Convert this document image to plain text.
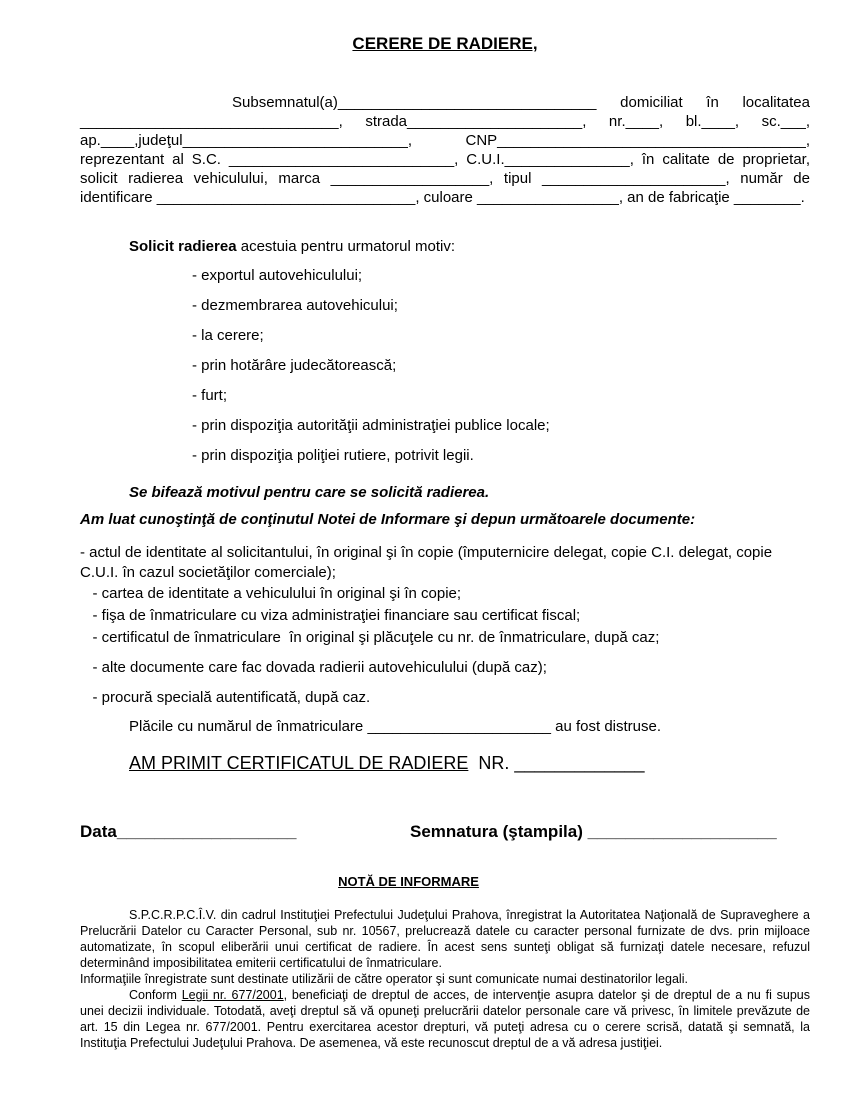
CERERE DE RADIERE,

Subsemnatul(a)_______________________________ domiciliat în localitatea _______________________________, strada_____________________, nr.____, bl.____, sc.___, ap.____,judeţul___________________________, CNP_____________________________________, reprezentant al S.C. ___________________________, C.U.I._______________, în calitate de proprietar, solicit radierea vehiculului, marca ___________________, tipul ______________________, număr de identificare _______________________________, culoare _________________, an de fabricaţie ________.

Solicit radierea acestuia pentru urmatorul motiv:
- exportul autovehiculului;
- dezmembrarea autovehicului;
- la cerere;
- prin hotărâre judecătorească;
- furt;
- prin dispoziţia autorităţii administraţiei publice locale;
- prin dispoziţia poliţiei rutiere, potrivit legii.
Se bifează motivul pentru care se solicită radierea.
Am luat cunoştinţă de conţinutul Notei de Informare şi depun următoarele documente:
- actul de identitate al solicitantului, în original şi în copie (împuternicire delegat, copie C.I. delegat, copie C.U.I. în cazul societăţilor comerciale);
- cartea de identitate a vehiculului în original şi în copie;
- fişa de înmatriculare cu viza administraţiei financiare sau certificat fiscal;
- certificatul de înmatriculare  în original şi plăcuţele cu nr. de înmatriculare, după caz;
- alte documente care fac dovada radierii autovehiculului (după caz);
- procură specială autentificată, după caz.
Plăcile cu numărul de înmatriculare ______________________ au fost distruse.
AM PRIMIT CERTIFICATUL DE RADIERE NR. _____________
Data___________________	Semnatura (ştampila) ____________________
NOTĂ DE INFORMARE

S.P.C.R.P.C.Î.V. din cadrul Instituţiei Prefectului Judeţului Prahova, înregistrat la Autoritatea Naţională de Supraveghere a Prelucrării Datelor cu Caracter Personal, sub nr. 10567, prelucrează datele cu caracter personal furnizate de dvs. prin mijloace automatizate, în scopul eliberării unui certificat de radiere. În acest sens sunteţi obligat să furnizaţi datele necesare, refuzul determinând imposibilitatea emiterii certificatului de înmatriculare.

Informaţiile înregistrate sunt destinate utilizării de către operator şi sunt comunicate numai destinatorilor legali.

Conform Legii nr. 677/2001, beneficiaţi de dreptul de acces, de intervenţie asupra datelor şi de dreptul de a nu fi supus unei decizii individuale. Totodată, aveţi dreptul să vă opuneţi prelucrării datelor personale care vă privesc, în limitele prevăzute de art. 15 din Legea nr. 677/2001. Pentru exercitarea acestor drepturi, vă puteţi adresa cu o cerere scrisă, datată şi semnată, la Instituţia Prefectului Judeţului Prahova. De asemenea, vă este recunoscut dreptul de a vă adresa justiţiei.
